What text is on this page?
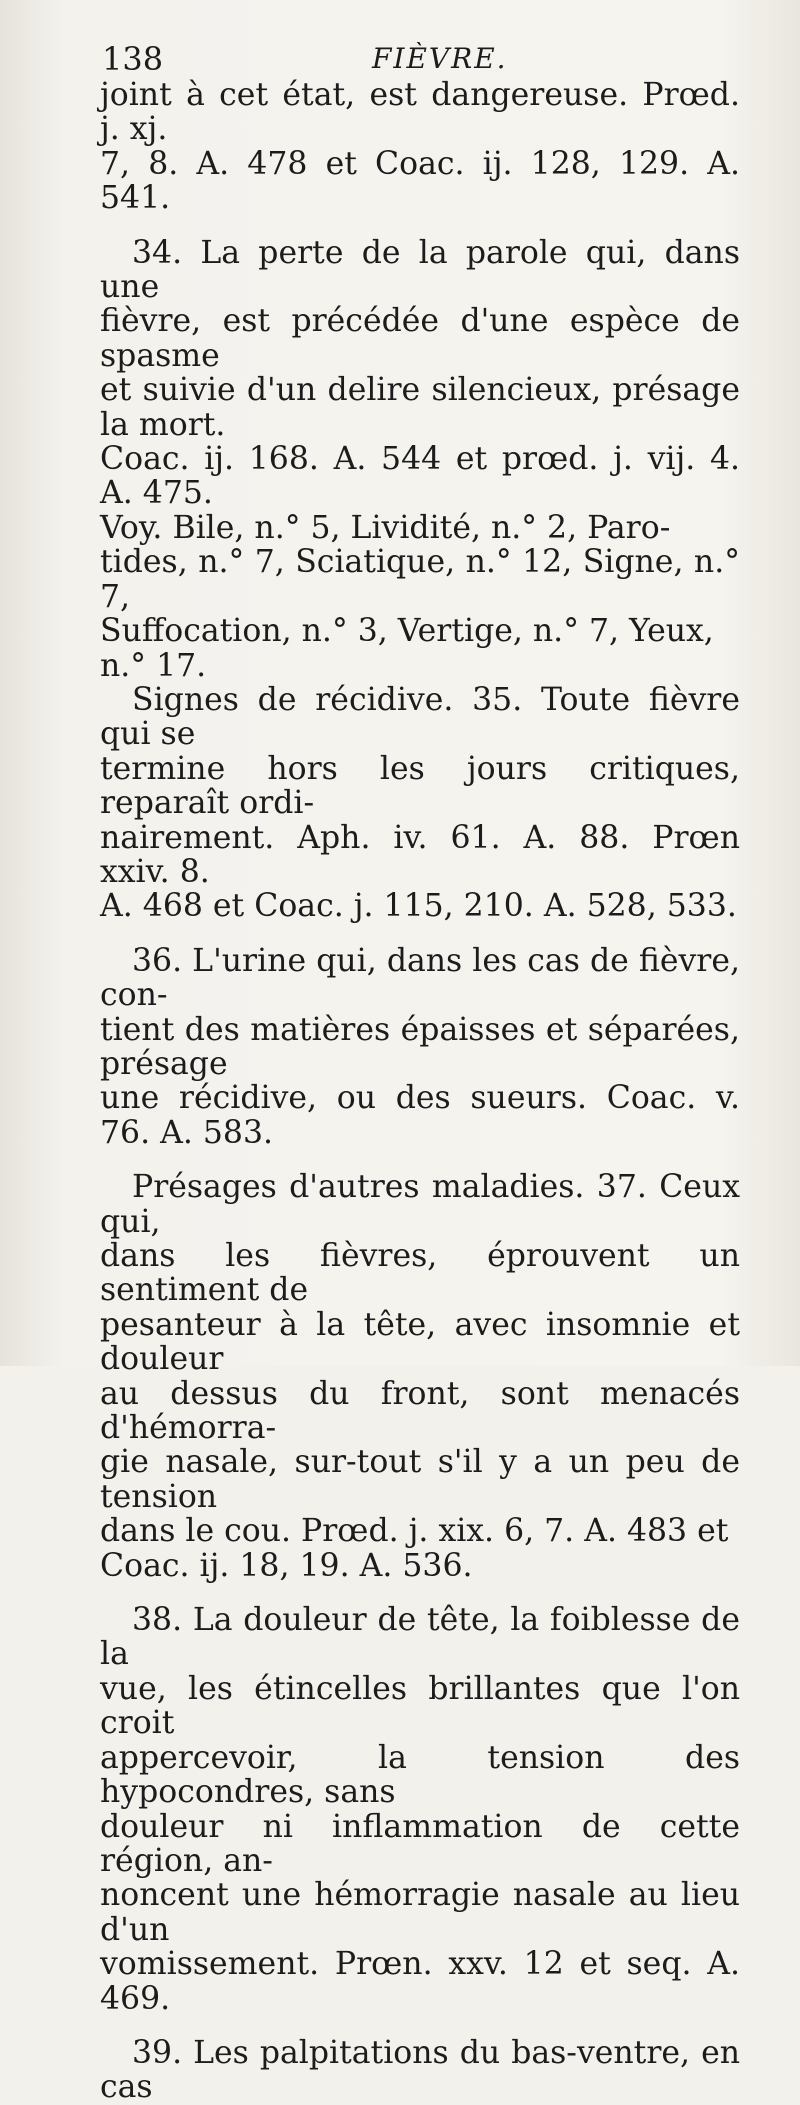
138	FIÈVRE.

joint à cet état, est dangereuse. Prœd. j. xj.
7, 8. A. 478 et Coac. ij. 128, 129. A. 541.

34. La perte de la parole qui, dans une
fièvre, est précédée d'une espèce de spasme
et suivie d'un delire silencieux, présage la mort.
Coac. ij. 168. A. 544 et prœd. j. vij. 4. A. 475.
Voy. Bile, n.° 5, Lividité, n.° 2, Paro-
tides, n.° 7, Sciatique, n.° 12, Signe, n.° 7,
Suffocation, n.° 3, Vertige, n.° 7, Yeux,
n.° 17.

Signes de récidive. 35. Toute fièvre qui se
termine hors les jours critiques, reparaît ordi-
nairement. Aph. iv. 61. A. 88. Prœn xxiv. 8.
A. 468 et Coac. j. 115, 210. A. 528, 533.

36. L'urine qui, dans les cas de fièvre, con-
tient des matières épaisses et séparées, présage
une récidive, ou des sueurs. Coac. v. 76. A. 583.

Présages d'autres maladies. 37. Ceux qui,
dans les fièvres, éprouvent un sentiment de
pesanteur à la tête, avec insomnie et douleur
au dessus du front, sont menacés d'hémorra-
gie nasale, sur-tout s'il y a un peu de tension
dans le cou. Prœd. j. xix. 6, 7. A. 483 et
Coac. ij. 18, 19. A. 536.

38. La douleur de tête, la foiblesse de la
vue, les étincelles brillantes que l'on croit
appercevoir, la tension des hypocondres, sans
douleur ni inflammation de cette région, an-
noncent une hémorragie nasale au lieu d'un
vomissement. Prœn. xxv. 12 et seq. A. 469.

39. Les palpitations du bas-ventre, en cas
